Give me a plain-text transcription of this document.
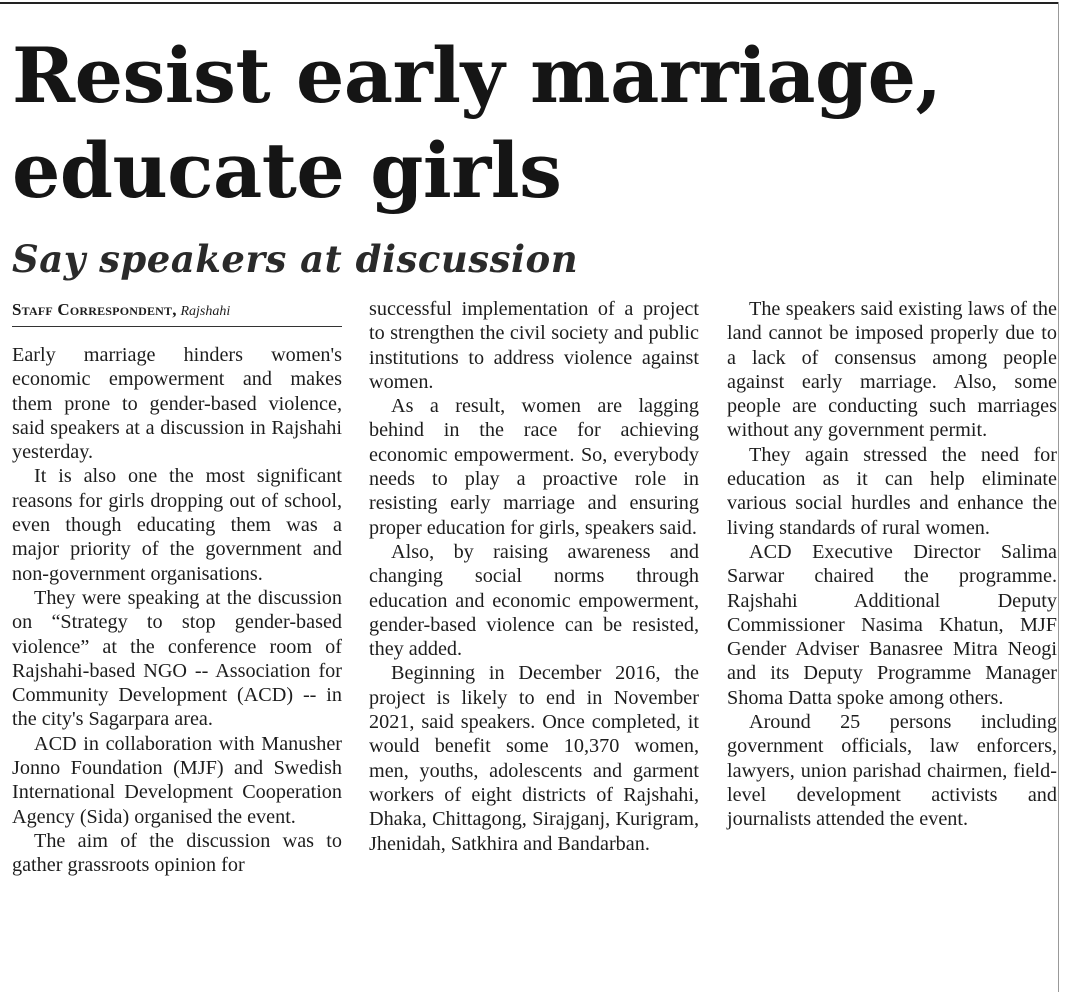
Resist early marriage,
educate girls
Say speakers at discussion
Staff Correspondent, Rajshahi

Early marriage hinders women's economic empowerment and makes them prone to gender-based violence, said speakers at a discussion in Rajshahi yesterday.

It is also one the most significant reasons for girls dropping out of school, even though educating them was a major priority of the government and non-government organisations.

They were speaking at the discussion on “Strategy to stop gender-based violence” at the conference room of Rajshahi-based NGO -- Association for Community Development (ACD) -- in the city's Sagarpara area.

ACD in collaboration with Manusher Jonno Foundation (MJF) and Swedish International Development Cooperation Agency (Sida) organised the event.

The aim of the discussion was to gather grassroots opinion for

successful implementation of a project to strengthen the civil society and public institutions to address violence against women.

As a result, women are lagging behind in the race for achieving economic empowerment. So, everybody needs to play a proactive role in resisting early marriage and ensuring proper education for girls, speakers said.

Also, by raising awareness and changing social norms through education and economic empowerment, gender-based violence can be resisted, they added.

Beginning in December 2016, the project is likely to end in November 2021, said speakers. Once completed, it would benefit some 10,370 women, men, youths, adolescents and garment workers of eight districts of Rajshahi, Dhaka, Chittagong, Sirajganj, Kurigram, Jhenidah, Satkhira and Bandarban.

The speakers said existing laws of the land cannot be imposed properly due to a lack of consensus among people against early marriage. Also, some people are conducting such marriages without any government permit.

They again stressed the need for education as it can help eliminate various social hurdles and enhance the living standards of rural women.

ACD Executive Director Salima Sarwar chaired the programme. Rajshahi Additional Deputy Commissioner Nasima Khatun, MJF Gender Adviser Banasree Mitra Neogi and its Deputy Programme Manager Shoma Datta spoke among others.

Around 25 persons including government officials, law enforcers, lawyers, union parishad chairmen, field-level development activists and journalists attended the event.
